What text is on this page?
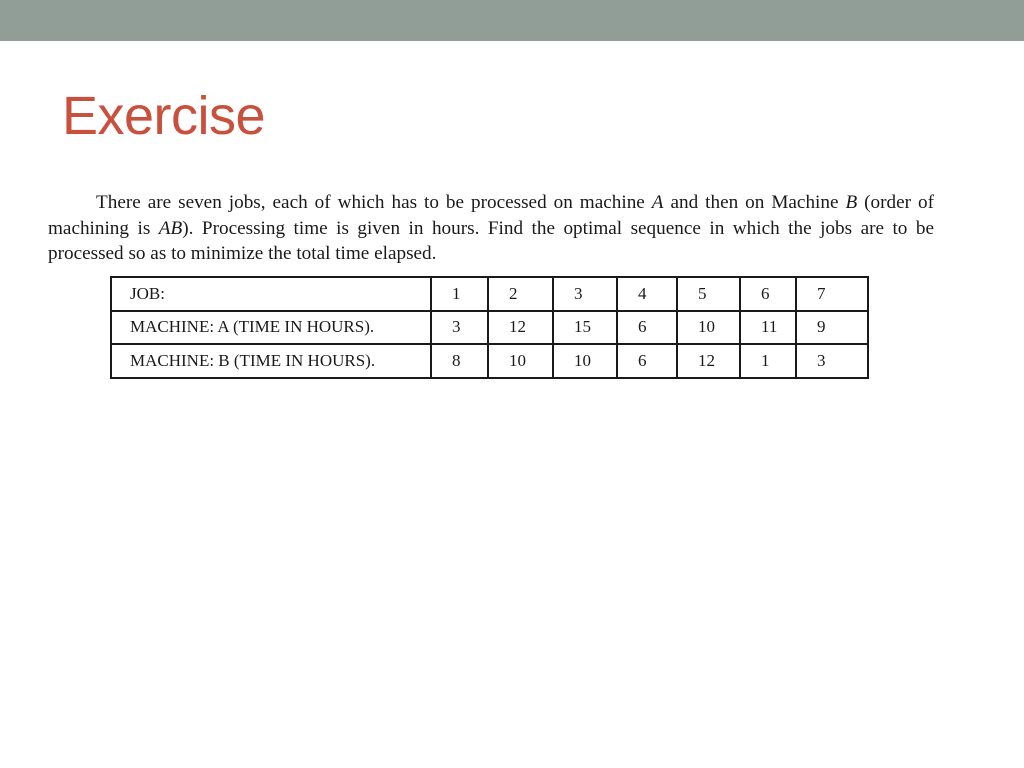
Exercise

There are seven jobs, each of which has to be processed on machine A and then on Machine B (order of machining is AB). Processing time is given in hours. Find the optimal sequence in which the jobs are to be processed so as to minimize the total time elapsed.

JOB:	1	2	3	4	5	6	7
MACHINE: A (TIME IN HOURS).	3	12	15	6	10	11	9
MACHINE: B (TIME IN HOURS).	8	10	10	6	12	1	3
